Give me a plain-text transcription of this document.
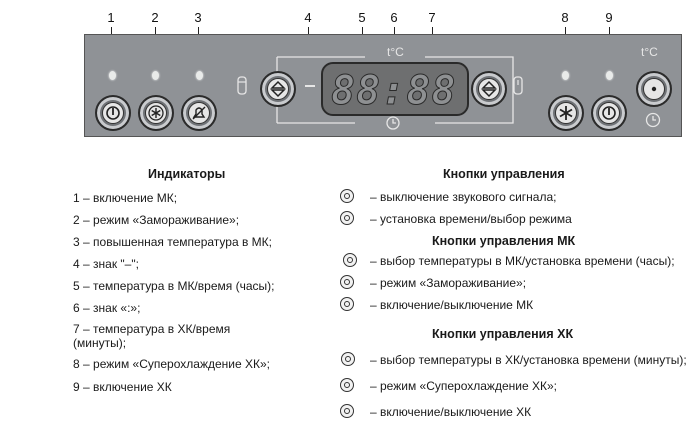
1	2	3	4	5 6 7	8	9
t°C
88:88
t°C
Индикаторы
1 – включение МК;
2 – режим «Замораживание»;
3 – повышенная температура в МК;
4 – знак "–";
5 – температура в МК/время (часы);
6 – знак «:»;
7 – температура в ХК/время
(минуты);
8 – режим «Суперохлаждение ХК»;
9 – включение ХК
Кнопки управления
– выключение звукового сигнала;
– установка времени/выбор режима
Кнопки управления МК
– выбор температуры в МК/установка времени (часы);
– режим «Замораживание»;
– включение/выключение МК
Кнопки управления ХК
– выбор температуры в ХК/установка времени (минуты);
– режим «Суперохлаждение ХК»;
– включение/выключение ХК
